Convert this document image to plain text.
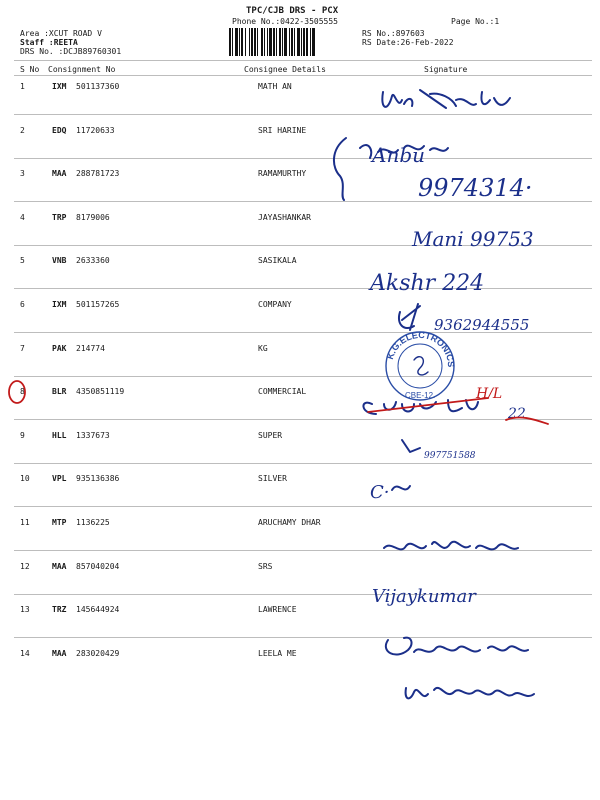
TPC/CJB DRS - PCX
Phone No.:0422-3505555	Page No.:1
Area :XCUT ROAD V
Staff :REETA
DRS No. :DCJB89760301
RS No.:897603
RS Date:26-Feb-2022
S No Consignment No	Consignee Details	Signature
1	IXM 501137360	MATH AN
2	EDQ 11720633	SRI HARINE
3	MAA 288781723	RAMAMURTHY
4	TRP 8179006	JAYASHANKAR
5	VNB 2633360	SASIKALA
6	IXM 501157265	COMPANY
7	PAK 214774	KG
8	BLR 4350851119	COMMERCIAL
9	HLL 1337673	SUPER
10	VPL 935136386	SILVER
11	MTP 1136225	ARUCHAMY DHAR
12	MAA 857040204	SRS
13	TRZ 145644924	LAWRENCE
14	MAA 283020429	LEELA ME
Anbu
9974314·
Mani 99753
Akshr 224
9362944555
K.G.ELECTRONICS
CBE-12.	H/L
22
997751588
C·
Vijaykumar
